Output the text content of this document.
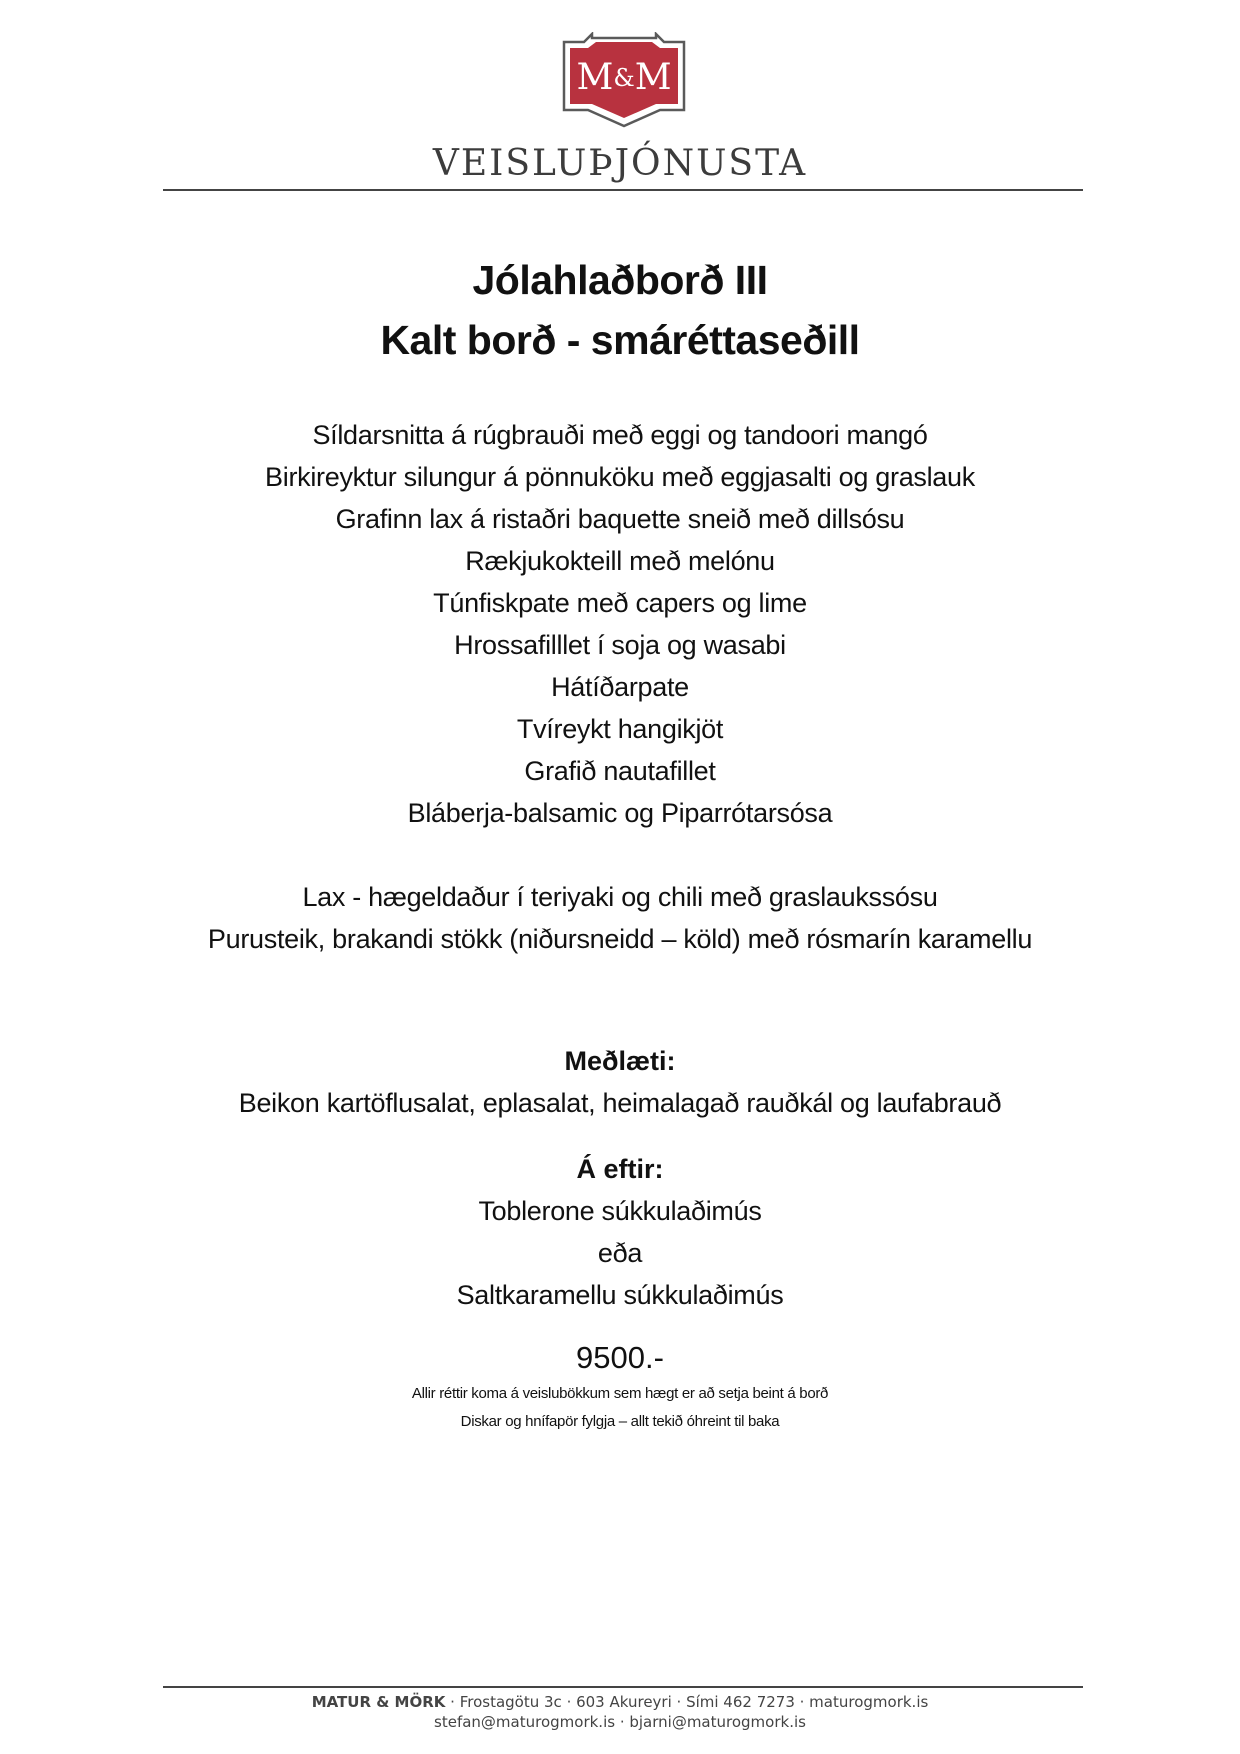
M&M
VEISLUÞJÓNUSTA
Jólahlaðborð III
Kalt borð - smáréttaseðill
Síldarsnitta á rúgbrauði með eggi og tandoori mangó
Birkireyktur silungur á pönnuköku með eggjasalti og graslauk
Grafinn lax á ristaðri baquette sneið með dillsósu
Rækjukokteill með melónu
Túnfiskpate með capers og lime
Hrossafilllet í soja og wasabi
Hátíðarpate
Tvíreykt hangikjöt
Grafið nautafillet
Bláberja-balsamic og Piparrótarsósa
Lax - hægeldaður í teriyaki og chili með graslaukssósu
Purusteik, brakandi stökk (niðursneidd – köld) með rósmarín karamellu

Meðlæti:

Beikon kartöflusalat, eplasalat, heimalagað rauðkál og laufabrauð

Á eftir:

Toblerone súkkulaðimús
eða
Saltkaramellu súkkulaðimús
9500.-
Allir réttir koma á veislubökkum sem hægt er að setja beint á borð
Diskar og hnífapör fylgja – allt tekið óhreint til baka
MATUR & MÖRK · Frostagötu 3c · 603 Akureyri · Sími 462 7273 · maturogmork.is
stefan@maturogmork.is · bjarni@maturogmork.is
